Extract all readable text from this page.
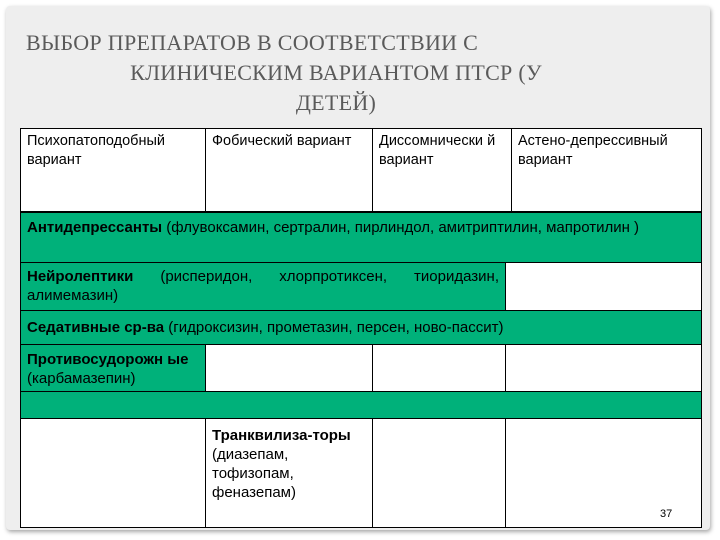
ВЫБОР ПРЕПАРАТОВ В СООТВЕТСТВИИ С
КЛИНИЧЕСКИМ ВАРИАНТОМ ПТСР (У
ДЕТЕЙ)
Психопатоподобный вариант
Фобический вариант	Диссомнически й вариант
Астено-депрессивный вариант
Антидепрессанты (флувоксамин, сертралин, пирлиндол, амитриптилин, мапротилин )
Нейролептики (рисперидон, хлорпротиксен, тиоридазин, алимемазин)
Седативные ср-ва (гидроксизин, прометазин, персен, ново-пассит)
Противосудорожн ые (карбамазепин)
Транквилиза-торы (диазепам, тофизопам, феназепам)
37
